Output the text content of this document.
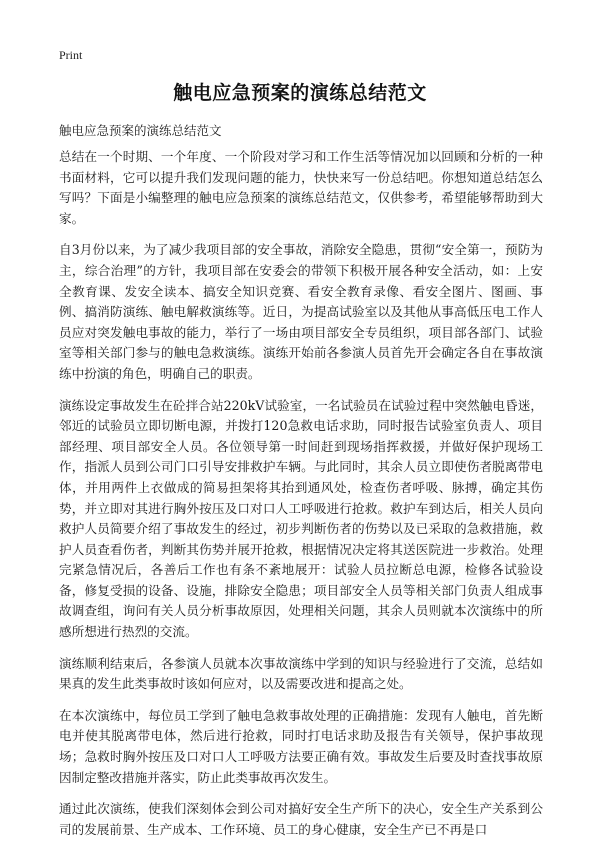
Print
触电应急预案的演练总结范文

触电应急预案的演练总结范文

总结在一个时期、一个年度、一个阶段对学习和工作生活等情况加以回顾和分析的一种书面材料，它可以提升我们发现问题的能力，快快来写一份总结吧。你想知道总结怎么写吗？下面是小编整理的触电应急预案的演练总结范文，仅供参考，希望能够帮助到大家。

自3月份以来，为了减少我项目部的安全事故，消除安全隐患，贯彻“安全第一，预防为主，综合治理”的方针，我项目部在安委会的带领下积极开展各种安全活动，如：上安全教育课、发安全读本、搞安全知识竞赛、看安全教育录像、看安全图片、图画、事例、搞消防演练、触电解救演练等。近日，为提高试验室以及其他从事高低压电工作人员应对突发触电事故的能力，举行了一场由项目部安全专员组织，项目部各部门、试验室等相关部门参与的触电急救演练。演练开始前各参演人员首先开会确定各自在事故演练中扮演的角色，明确自己的职责。

演练设定事故发生在砼拌合站220kV试验室，一名试验员在试验过程中突然触电昏迷，邻近的试验员立即切断电源，并拨打120急救电话求助，同时报告试验室负责人、项目部经理、项目部安全人员。各位领导第一时间赶到现场指挥救援，并做好保护现场工作，指派人员到公司门口引导安排救护车辆。与此同时，其余人员立即使伤者脱离带电体，并用两件上衣做成的简易担架将其抬到通风处，检查伤者呼吸、脉搏，确定其伤势，并立即对其进行胸外按压及口对口人工呼吸进行抢救。救护车到达后，相关人员向救护人员简要介绍了事故发生的经过，初步判断伤者的伤势以及已采取的急救措施，救护人员查看伤者，判断其伤势并展开抢救，根据情况决定将其送医院进一步救治。处理完紧急情况后，各善后工作也有条不紊地展开：试验人员拉断总电源，检修各试验设备，修复受损的设备、设施，排除安全隐患；项目部安全人员等相关部门负责人组成事故调查组，询问有关人员分析事故原因，处理相关问题，其余人员则就本次演练中的所感所想进行热烈的交流。

演练顺利结束后，各参演人员就本次事故演练中学到的知识与经验进行了交流，总结如果真的发生此类事故时该如何应对，以及需要改进和提高之处。

在本次演练中，每位员工学到了触电急救事故处理的正确措施：发现有人触电，首先断电并使其脱离带电体，然后进行抢救，同时打电话求助及报告有关领导，保护事故现场；急救时胸外按压及口对口人工呼吸方法要正确有效。事故发生后要及时查找事故原因制定整改措施并落实，防止此类事故再次发生。

通过此次演练，使我们深刻体会到公司对搞好安全生产所下的决心，安全生产关系到公司的发展前景、生产成本、工作环境、员工的身心健康，安全生产已不再是口
